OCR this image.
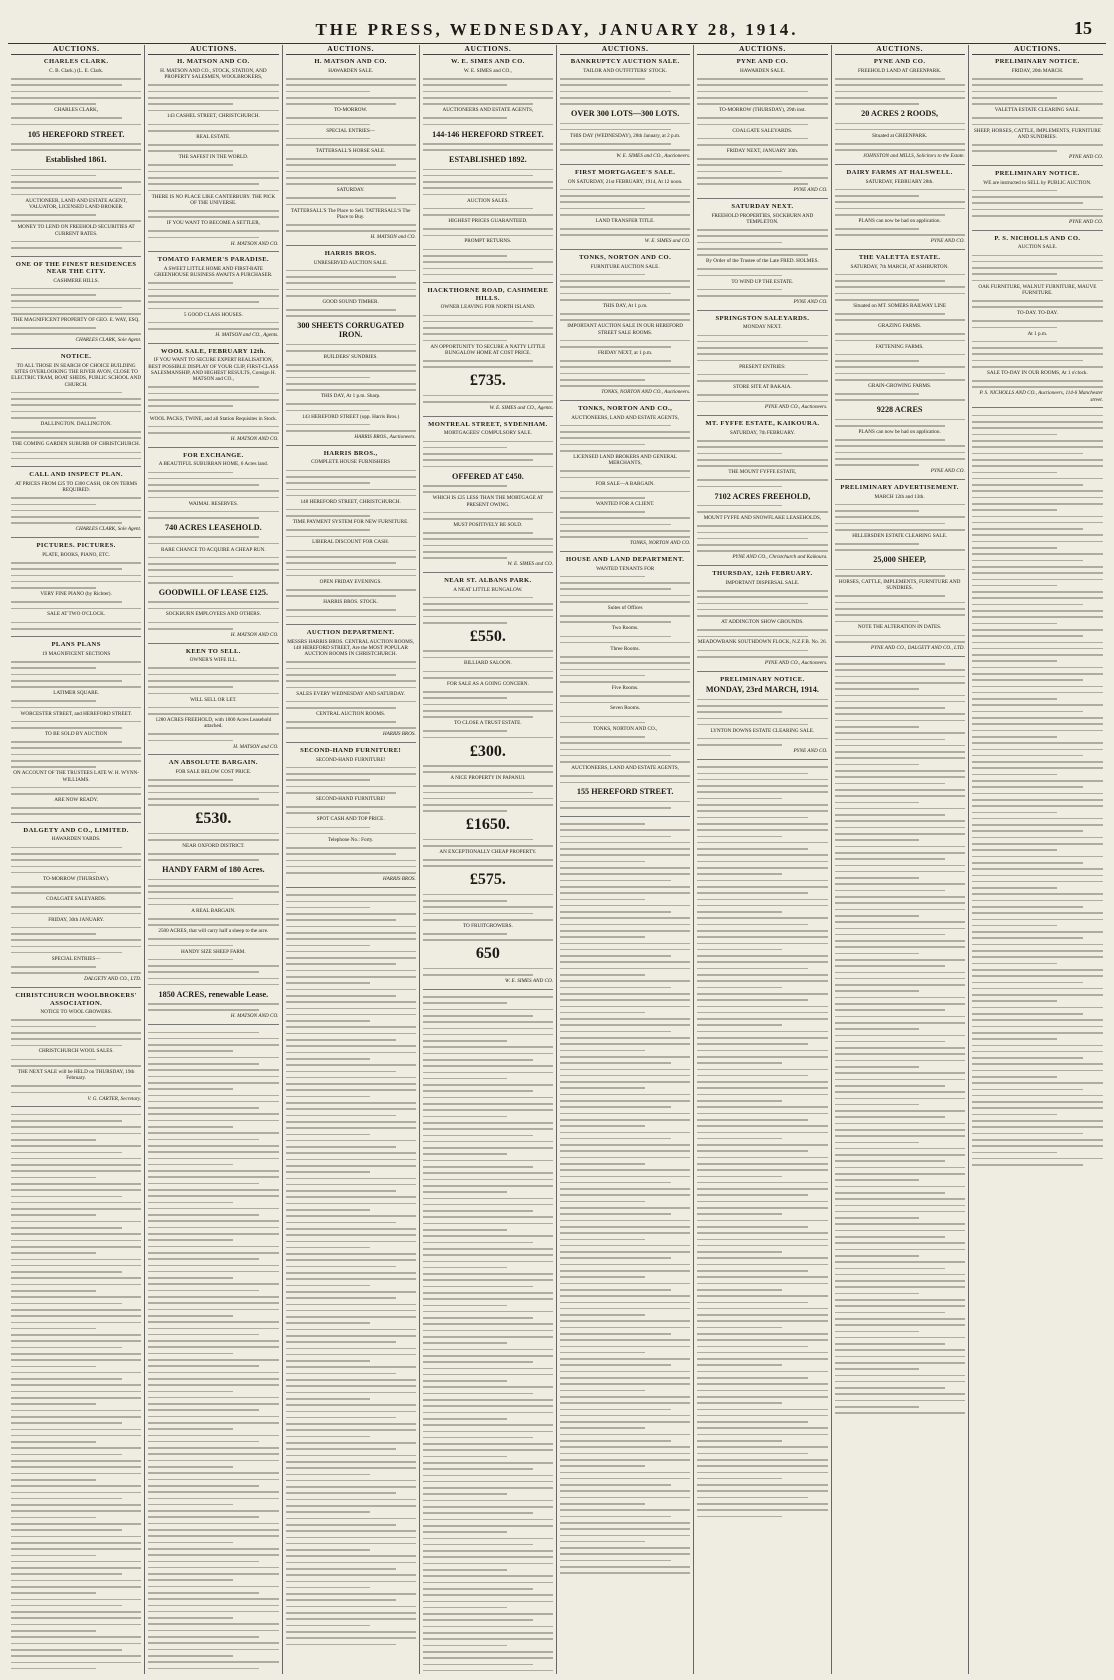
THE PRESS, WEDNESDAY, JANUARY 28, 1914.	15
AUCTIONS.
CHARLES CLARK.

C. B. Clark.) (L. E. Clark.

CHARLES CLARK,

105 HEREFORD STREET.

Established 1861.

AUCTIONEER, LAND AND ESTATE AGENT, VALUATOR, LICENSED LAND BROKER.

MONEY TO LEND ON FREEHOLD SECURITIES AT CURRENT RATES.

ONE OF THE FINEST RESIDENCES NEAR THE CITY.

CASHMERE HILLS.

THE MAGNIFICENT PROPERTY OF GEO. E. WAY, ESQ.

CHARLES CLARK, Sole Agent.

NOTICE.

TO ALL THOSE IN SEARCH OF CHOICE BUILDING SITES OVERLOOKING THE RIVER AVON, CLOSE TO ELECTRIC TRAM, BOAT SHEDS, PUBLIC SCHOOL AND CHURCH.

DALLINGTON. DALLINGTON.

THE COMING GARDEN SUBURB OF CHRISTCHURCH.

CALL AND INSPECT PLAN.

AT PRICES FROM £25 TO £300 CASH, OR ON TERMS REQUIRED.

CHARLES CLARK, Sole Agent.

PICTURES. PICTURES.

PLATE, BOOKS, PIANO, ETC.

VERY FINE PIANO (by Richter).

SALE AT TWO O'CLOCK.

PLANS PLANS

19 MAGNIFICENT SECTIONS

LATIMER SQUARE.

WORCESTER STREET, and HEREFORD STREET.

TO BE SOLD BY AUCTION

ON ACCOUNT OF THE TRUSTEES LATE W. H. WYNN-WILLIAMS.

ARE NOW READY.

DALGETY AND CO., LIMITED.

HAWARDEN YARDS.

TO-MORROW (THURSDAY).

COALGATE SALEYARDS.

FRIDAY, 30th JANUARY.

SPECIAL ENTRIES—

DALGETY AND CO., LTD.

CHRISTCHURCH WOOLBROKERS' ASSOCIATION.

NOTICE TO WOOL GROWERS.

CHRISTCHURCH WOOL SALES.

THE NEXT SALE will be HELD on THURSDAY, 19th February.

V. G. CARTER, Secretary.

AUCTIONS.
H. MATSON AND CO.

H. MATSON AND CO., STOCK, STATION, AND PROPERTY SALESMEN, WOOLBROKERS,

143 CASHEL STREET, CHRISTCHURCH.

REAL ESTATE.

THE SAFEST IN THE WORLD.

THERE IS NO PLACE LIKE CANTERBURY. THE PICK OF THE UNIVERSE.

IF YOU WANT TO BECOME A SETTLER,

H. MATSON AND CO.

TOMATO FARMER'S PARADISE.

A SWEET LITTLE HOME AND FIRST-RATE GREENHOUSE BUSINESS AWAITS A PURCHASER.

5 GOOD CLASS HOUSES.

H. MATSON and CO., Agents.

WOOL SALE, FEBRUARY 12th.

IF YOU WANT TO SECURE EXPERT REALISATION, BEST POSSIBLE DISPLAY OF YOUR CLIP, FIRST-CLASS SALESMANSHIP, AND HIGHEST RESULTS, Consign H. MATSON and CO.,

WOOL PACKS, TWINE, and all Station Requisites in Stock.

H. MATSON AND CO.

FOR EXCHANGE.

A BEAUTIFUL SUBURBAN HOME, 6 Acres land.

WAIMAI. RESERVES.

740 ACRES LEASEHOLD.

RARE CHANCE TO ACQUIRE A CHEAP RUN.

GOODWILL OF LEASE £125.

SOCKBURN EMPLOYEES AND OTHERS.

H. MATSON AND CO.

KEEN TO SELL.

OWNER'S WIFE ILL.

WILL SELL OR LET.

1280 ACRES FREEHOLD, with 1000 Acres Leasehold attached.

H. MATSON and CO.

AN ABSOLUTE BARGAIN.

FOR SALE BELOW COST PRICE.

£530.

NEAR OXFORD DISTRICT.

HANDY FARM of 180 Acres.

A REAL BARGAIN.

2500 ACRES, that will carry half a sheep to the acre.

HANDY SIZE SHEEP FARM.

1850 ACRES, renewable Lease.

H. MATSON AND CO.

AUCTIONS.
H. MATSON AND CO.

HAWARDEN SALE.

TO-MORROW.

SPECIAL ENTRIES—

TATTERSALL'S HORSE SALE.

SATURDAY.

TATTERSALL'S The Place to Sell. TATTERSALL'S The Place to Buy.

H. MATSON and CO.

HARRIS BROS.

UNRESERVED AUCTION SALE.

GOOD SOUND TIMBER.

300 SHEETS CORRUGATED IRON.

BUILDERS' SUNDRIES.

THIS DAY, At 1 p.m. Sharp.

143 HEREFORD STREET (opp. Harris Bros.)

HARRIS BROS., Auctioneers.

HARRIS BROS.,

COMPLETE HOUSE FURNISHERS

148 HEREFORD STREET, CHRISTCHURCH.

TIME PAYMENT SYSTEM FOR NEW FURNITURE.

LIBERAL DISCOUNT FOR CASH.

OPEN FRIDAY EVENINGS.

HARRIS BROS. STOCK.

AUCTION DEPARTMENT.

MESSRS HARRIS BROS. CENTRAL AUCTION ROOMS, 148 HEREFORD STREET, Are the MOST POPULAR AUCTION ROOMS IN CHRISTCHURCH.

SALES EVERY WEDNESDAY AND SATURDAY.

CENTRAL AUCTION ROOMS.

HARRIS BROS.

SECOND-HAND FURNITURE!

SECOND-HAND FURNITURE!

SECOND-HAND FURNITURE!

SPOT CASH AND TOP PRICE.

Telephone No.: Forty.

HARRIS BROS.

AUCTIONS.
W. E. SIMES AND CO.

W. E. SIMES and CO.,

AUCTIONEERS AND ESTATE AGENTS,

144-146 HEREFORD STREET.

ESTABLISHED 1892.

AUCTION SALES.

HIGHEST PRICES GUARANTEED.

PROMPT RETURNS.

HACKTHORNE ROAD, CASHMERE HILLS.

OWNER LEAVING FOR NORTH ISLAND.

AN OPPORTUNITY TO SECURE A NATTY LITTLE BUNGALOW HOME AT COST PRICE.

£735.

W. E. SIMES and CO., Agents.

MONTREAL STREET, SYDENHAM.

MORTGAGEES' COMPULSORY SALE.

OFFERED AT £450.

WHICH IS £25 LESS THAN THE MORTGAGE AT PRESENT OWING.

MUST POSITIVELY BE SOLD.

W. E. SIMES and CO.

NEAR ST. ALBANS PARK.

A NEAT LITTLE BUNGALOW.

£550.

BILLIARD SALOON.

FOR SALE AS A GOING CONCERN.

TO CLOSE A TRUST ESTATE.

£300.

A NICE PROPERTY IN PAPANUI.

£1650.

AN EXCEPTIONALLY CHEAP PROPERTY.

£575.

TO FRUITGROWERS.

650

W. E. SIMES AND CO.

AUCTIONS.
BANKRUPTCY AUCTION SALE.

TAILOR AND OUTFITTERS' STOCK.

OVER 300 LOTS—300 LOTS.

THIS DAY (WEDNESDAY), 28th January, at 2 p.m.

W. E. SIMES and CO., Auctioneers.

FIRST MORTGAGEE'S SALE.

ON SATURDAY, 21st FEBRUARY, 1914, At 12 noon.

LAND TRANSFER TITLE.

W. E. SIMES and CO.

TONKS, NORTON AND CO.

FURNITURE AUCTION SALE.

THIS DAY, At 1 p.m.

IMPORTANT AUCTION SALE IN OUR HEREFORD STREET SALE ROOMS.

FRIDAY NEXT, at 1 p.m.

TONKS, NORTON AND CO., Auctioneers.

TONKS, NORTON AND CO.,

AUCTIONEERS, LAND AND ESTATE AGENTS,

LICENSED LAND BROKERS AND GENERAL MERCHANTS,

FOR SALE—A BARGAIN.

WANTED FOR A CLIENT.

TONKS, NORTON AND CO.

HOUSE AND LAND DEPARTMENT.

WANTED TENANTS FOR

Suites of Offices

Two Rooms.

Three Rooms.

Five Rooms.

Seven Rooms.

TONKS, NORTON AND CO.,

AUCTIONEERS, LAND AND ESTATE AGENTS,

155 HEREFORD STREET.

AUCTIONS.
PYNE AND CO.

HAWARDEN SALE.

TO-MORROW (THURSDAY), 29th inst.

COALGATE SALEYARDS.

FRIDAY NEXT, JANUARY 30th.

PYNE AND CO.

SATURDAY NEXT.

FREEHOLD PROPERTIES, SOCKBURN AND TEMPLETON.

By Order of the Trustee of the Late FRED. HOLMES.

TO WIND UP THE ESTATE.

PYNE AND CO.

SPRINGSTON SALEYARDS.

MONDAY NEXT.

PRESENT ENTRIES:

STORE SITE AT RAKAIA.

PYNE AND CO., Auctioneers.

MT. FYFFE ESTATE, KAIKOURA.

SATURDAY, 7th FEBRUARY.

THE MOUNT FYFFE ESTATE,

7102 ACRES FREEHOLD,

MOUNT FYFFE AND SNOWFLAKE LEASEHOLDS,

PYNE AND CO., Christchurch and Kaikoura.

THURSDAY, 12th FEBRUARY.

IMPORTANT DISPERSAL SALE.

AT ADDINGTON SHOW GROUNDS.

MEADOWBANK SOUTHDOWN FLOCK, N.Z.F.B. No. 26.

PYNE AND CO., Auctioneers.

PRELIMINARY NOTICE.

MONDAY, 23rd MARCH, 1914.

LYNTON DOWNS ESTATE CLEARING SALE.

PYNE AND CO.

AUCTIONS.
PYNE AND CO.

FREEHOLD LAND AT GREENPARK.

20 ACRES 2 ROODS,

Situated at GREENPARK.

JOHNSTON and MILLS, Solicitors to the Estate.

DAIRY FARMS AT HALSWELL.

SATURDAY, FEBRUARY 28th.

PLANS can now be had on application.

PYNE AND CO.

THE VALETTA ESTATE.

SATURDAY, 7th MARCH, AT ASHBURTON.

Situated on MT. SOMERS RAILWAY LINE

GRAZING FARMS.

FATTENING FARMS.

GRAIN-GROWING FARMS.

9228 ACRES

PLANS can now be had on application.

PYNE AND CO.

PRELIMINARY ADVERTISEMENT.

MARCH 12th and 13th.

HILLERSDEN ESTATE CLEARING SALE.

25,000 SHEEP,

HORSES, CATTLE, IMPLEMENTS, FURNITURE AND SUNDRIES.

NOTE THE ALTERATION IN DATES.

PYNE AND CO., DALGETY AND CO., LTD.

AUCTIONS.
PRELIMINARY NOTICE.

FRIDAY, 20th MARCH.

VALETTA ESTATE CLEARING SALE.

SHEEP, HORSES, CATTLE, IMPLEMENTS, FURNITURE AND SUNDRIES.

PYNE AND CO.

PRELIMINARY NOTICE.

WE are instructed to SELL by PUBLIC AUCTION.

PYNE AND CO.

P. S. NICHOLLS AND CO.

AUCTION SALE.

OAK FURNITURE, WALNUT FURNITURE, MAUVE FURNITURE.

TO-DAY. TO-DAY.

At 1 p.m.

SALE TO-DAY IN OUR ROOMS, At 1 o'clock.

P. S. NICHOLLS AND CO., Auctioneers, 114-6 Manchester street.
